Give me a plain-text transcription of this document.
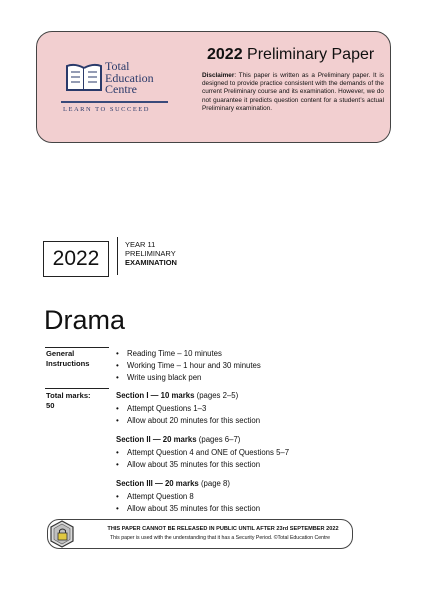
Total
Education
Centre
LEARN TO SUCCEED
2022 Preliminary Paper
Disclaimer: This paper is written as a Preliminary paper. It is designed to provide practice consistent with the demands of the current Preliminary course and its examination. However, we do not guarantee it predicts question content for a student’s actual Preliminary examination.
2022
YEAR 11
PRELIMINARY
EXAMINATION
Drama
General
Instructions
• Reading Time – 10 minutes
• Working Time – 1 hour and 30 minutes
• Write using black pen
Total marks:
50
Section I — 10 marks (pages 2–5)
• Attempt Questions 1–3
• Allow about 20 minutes for this section
Section II — 20 marks (pages 6–7)
• Attempt Question 4 and ONE of Questions 5–7
• Allow about 35 minutes for this section
Section III — 20 marks (page 8)
• Attempt Question 8
• Allow about 35 minutes for this section
THIS PAPER CANNOT BE RELEASED IN PUBLIC UNTIL AFTER 23rd SEPTEMBER 2022
This paper is used with the understanding that it has a Security Period. ©Total Education Centre
